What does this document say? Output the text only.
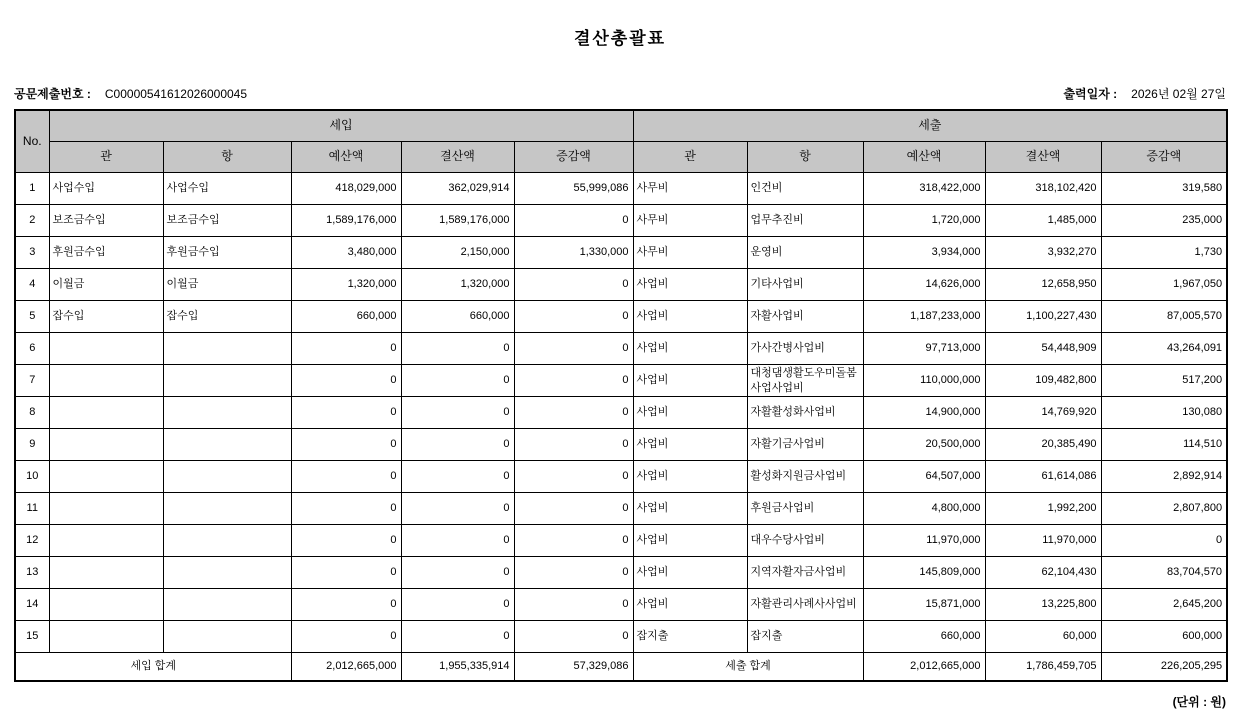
결산총괄표
공문제출번호 : C00000541612026000045	출력일자 : 2026년 02월 27일
No.	세입					세출				
	관	항	예산액	결산액	증감액	관	항	예산액	결산액	증감액
1	사업수입	사업수입	418,029,000	362,029,914	55,999,086	사무비	인건비	318,422,000	318,102,420	319,580
2	보조금수입	보조금수입	1,589,176,000	1,589,176,000	0	사무비	업무추진비	1,720,000	1,485,000	235,000
3	후원금수입	후원금수입	3,480,000	2,150,000	1,330,000	사무비	운영비	3,934,000	3,932,270	1,730
4	이월금	이월금	1,320,000	1,320,000	0	사업비	기타사업비	14,626,000	12,658,950	1,967,050
5	잡수입	잡수입	660,000	660,000	0	사업비	자활사업비	1,187,233,000	1,100,227,430	87,005,570
6			0	0	0	사업비	가사간병사업비	97,713,000	54,448,909	43,264,091
7			0	0	0	사업비	대청댐생활도우미돌봄사업사업비	110,000,000	109,482,800	517,200
8			0	0	0	사업비	자활활성화사업비	14,900,000	14,769,920	130,080
9			0	0	0	사업비	자활기금사업비	20,500,000	20,385,490	114,510
10			0	0	0	사업비	활성화지원금사업비	64,507,000	61,614,086	2,892,914
11			0	0	0	사업비	후원금사업비	4,800,000	1,992,200	2,807,800
12			0	0	0	사업비	대우수당사업비	11,970,000	11,970,000	0
13			0	0	0	사업비	지역자활자금사업비	145,809,000	62,104,430	83,704,570
14			0	0	0	사업비	자활관리사례사사업비	15,871,000	13,225,800	2,645,200
15			0	0	0	잡지출	잡지출	660,000	60,000	600,000
세입 합계			2,012,665,000	1,955,335,914	57,329,086	세출 합계		2,012,665,000	1,786,459,705	226,205,295
(단위 : 원)
